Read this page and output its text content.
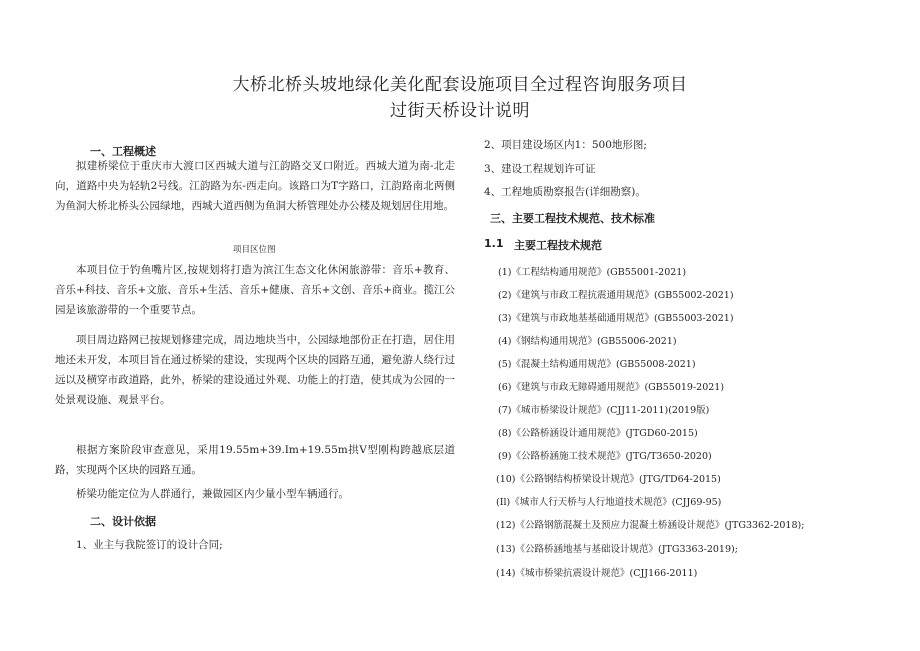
大桥北桥头坡地绿化美化配套设施项目全过程咨询服务项目
过街天桥设计说明
一、工程概述
拟建桥梁位于重庆市大渡口区西城大道与江韵路交叉口附近。西城大道为南-北走向，道路中央为轻轨2号线。江韵路为东-西走向。该路口为T字路口，江韵路南北两侧为鱼洞大桥北桥头公园绿地，西城大道西侧为鱼洞大桥管理处办公楼及规划居住用地。
项目区位图
本项目位于钓鱼嘴片区,按规划将打造为滨江生态文化休闲旅游带：音乐+教育、音乐+科技、音乐+文旅、音乐+生活、音乐+健康、音乐+文创、音乐+商业。揽江公园是该旅游带的一个重要节点。
项目周边路网已按规划修建完成，周边地块当中，公园绿地部份正在打造，居住用地还未开发，本项目旨在通过桥梁的建设，实现两个区块的园路互通，避免游人绕行过远以及横穿市政道路，此外，桥梁的建设通过外观、功能上的打造，使其成为公园的一处景观设施、观景平台。
根据方案阶段审查意见，采用19.55m+39.Im+19.55m拱V型刚构跨越底层道路，实现两个区块的园路互通。
桥梁功能定位为人群通行，兼做园区内少量小型车辆通行。
二、设计依据
1、业主与我院签订的设计合同;
2、项目建设场区内1：500地形图;
3、建设工程规划许可证
4、工程地质勘察报告(详细勘察)。
三、主要工程技术规范、技术标准
1.1 主要工程技术规范
(1)《工程结构通用规范》(GB55001-2021)
(2)《建筑与市政工程抗震通用规范》(GB55002-2021)
(3)《建筑与市政地基基础通用规范》(GB55003-2021)
(4)《钢结构通用规范》(GB55006-2021)
(5)《混凝土结构通用规范》(GB55008-2021)
(6)《建筑与市政无障碍通用规范》(GB55019-2021)
(7)《城市桥梁设计规范》(CJJ11-2011)(2019版)
(8)《公路桥涵设计通用规范》(JTGD60-2015)
(9)《公路桥涵施工技术规范》(JTG/T3650-2020)
(10)《公路钢结构桥梁设计规范》(JTG/TD64-2015)
(Il)《城市人行天桥与人行地道技术规范》(CJJ69-95)
(12)《公路钢筋混凝土及预应力混凝土桥涵设计规范》(JTG3362-2018);
(13)《公路桥涵地基与基础设计规范》(JTG3363-2019);
(14)《城市桥梁抗震设计规范》(CJJ166-2011)
